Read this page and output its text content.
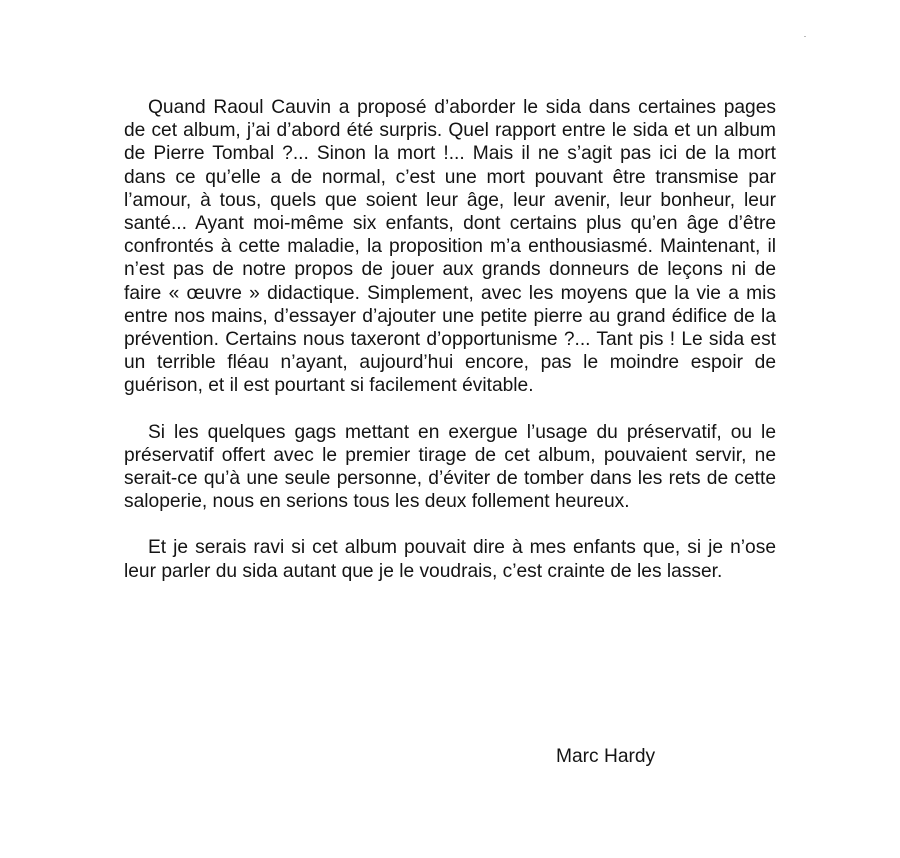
Quand Raoul Cauvin a proposé d’aborder le sida dans certaines pages de cet album, j’ai d’abord été surpris. Quel rapport entre le sida et un album de Pierre Tombal ?... Sinon la mort !... Mais il ne s’agit pas ici de la mort dans ce qu’elle a de normal, c’est une mort pouvant être transmise par l’amour, à tous, quels que soient leur âge, leur avenir, leur bonheur, leur santé... Ayant moi-même six enfants, dont certains plus qu’en âge d’être confrontés à cette maladie, la proposition m’a enthousiasmé. Maintenant, il n’est pas de notre propos de jouer aux grands donneurs de leçons ni de faire « œuvre » didactique. Simplement, avec les moyens que la vie a mis entre nos mains, d’essayer d’ajouter une petite pierre au grand édifice de la prévention. Certains nous taxeront d’opportunisme ?... Tant pis ! Le sida est un terrible fléau n’ayant, aujourd’hui encore, pas le moindre espoir de guérison, et il est pourtant si facilement évitable.

Si les quelques gags mettant en exergue l’usage du préservatif, ou le préservatif offert avec le premier tirage de cet album, pouvaient servir, ne serait-ce qu’à une seule personne, d’éviter de tomber dans les rets de cette saloperie, nous en serions tous les deux follement heureux.

Et je serais ravi si cet album pouvait dire à mes enfants que, si je n’ose leur parler du sida autant que je le voudrais, c’est crainte de les lasser.

Marc Hardy
